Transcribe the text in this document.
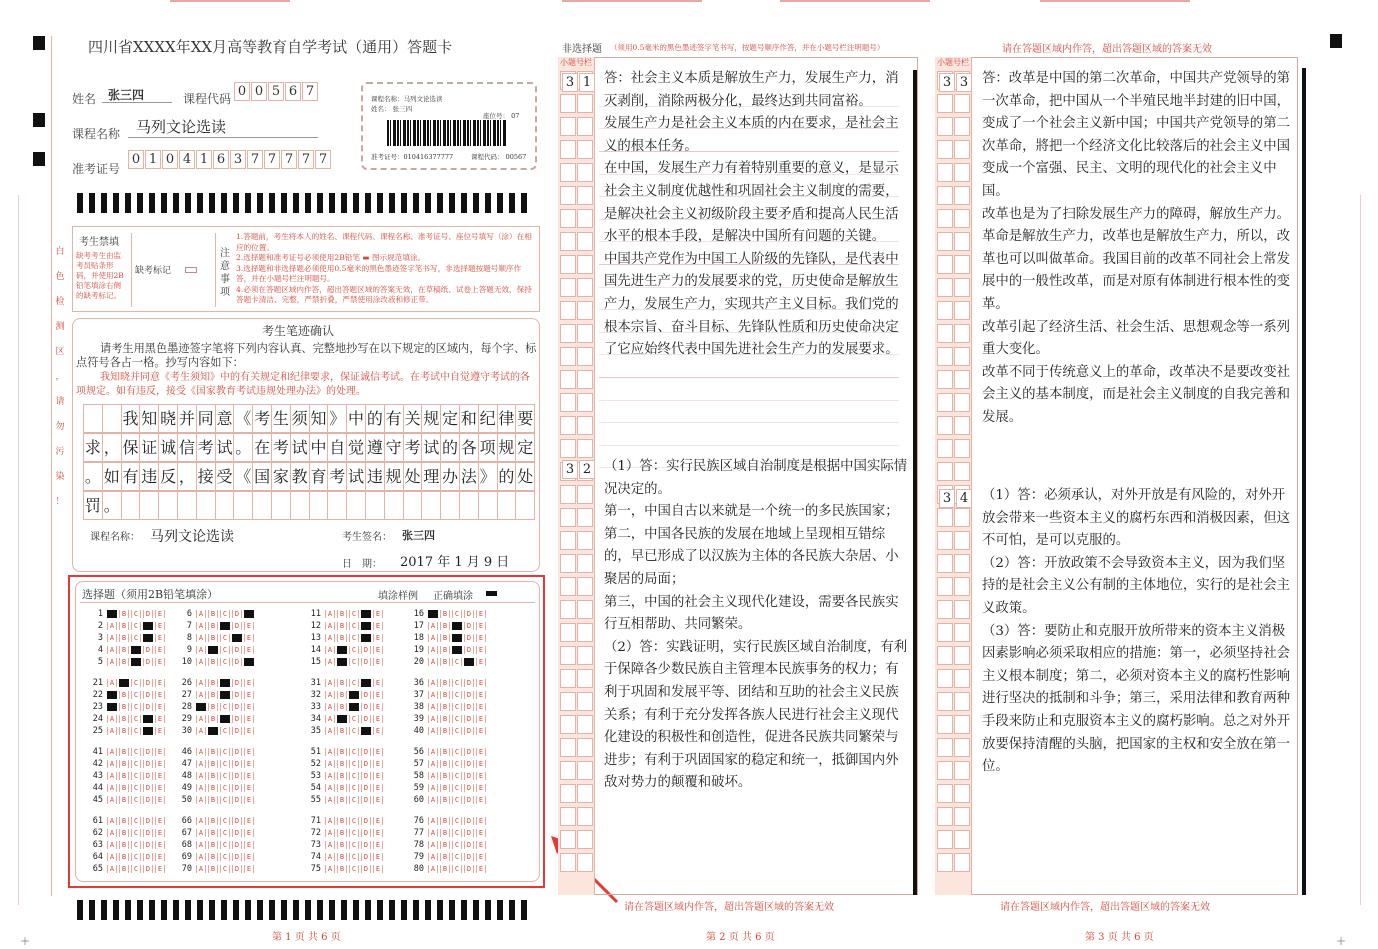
白
色
检
测
区
，
请
勿
污
染
！
四川省XXXX年XX月高等教育自学考试（通用）答题卡
姓名 张三四	课程代码 0 0 5 6 7
课程名称	马列文论选读
准考证号
0 1 0 4 1 6 3 7 7 7 7 7
课程名称：马列文论选读
姓名： 张三四
座位号： 07
准考证号：010416377777	课程代码： 00567
考生禁填
缺考考生由监考员贴条形码，并使用2B铅笔填涂右侧的缺考标记。
缺考标记
注
意
事
项
1.答题前，考生将本人的姓名、课程代码、课程名称、准考证号、座位号填写（涂）在相应的位置。
2.选择题和准考证号必须使用2B铅笔 ▬ 图示规范填涂。
3.选择题和非选择题必须使用0.5毫米的黑色墨迹签字笔书写，非选择题按题号顺序作答，并在小题号栏注明题号。
4.必须在答题区域内作答，超出答题区域的答案无效，在草稿纸、试卷上答题无效，保持答题卡清洁、完整，严禁折叠，严禁使用涂改液和修正带。
考生笔迹确认
请考生用黑色墨迹签字笔将下列内容认真、完整地抄写在以下规定的区域内，每个字、标点符号各占一格。抄写内容如下：
我知晓并同意《考生须知》中的有关规定和纪律要求，保证诚信考试。在考试中自觉遵守考试的各项规定。如有违反，接受《国家教育考试违规处理办法》的处理。
我 知 晓 并 同 意 《 考 生 须 知 》 中 的 有 关 规 定 和 纪 律 要
求 ， 保 证 诚 信 考 试 。 在 考 试 中 自 觉 遵 守 考 试 的 各 项 规 定
。 如 有 违 反 ， 接 受 《 国 家 教 育 考 试 违 规 处 理 办 法 》 的 处
罚 。
课程名称： 马列文论选读	考生签名： 张三四
日　期： 2017 年 1 月 9 日
选择题（须用2B铅笔填涂）	填涂样例 正确填涂
1 A	B	C	D	E
2 A	B	C	D	E
3 A	B	C	D	E
4 A	B	C	D	E
5 A	B	C	D	E
6 A	B	C	D	E
7 A	B	C	D	E
8 A	B	C	D	E
9 A	B	C	D	E
10 A	B	C	D	E
11 A	B	C	D	E
12 A	B	C	D	E
13 A	B	C	D	E
14 A	B	C	D	E
15 A	B	C	D	E
16 A	B	C	D	E
17 A	B	C	D	E
18 A	B	C	D	E
19 A	B	C	D	E
20 A	B	C	D	E
21 A	B	C	D	E
22 A	B	C	D	E
23 A	B	C	D	E
24 A	B	C	D	E
25 A	B	C	D	E
26 A	B	C	D	E
27 A	B	C	D	E
28 A	B	C	D	E
29 A	B	C	D	E
30 A	B	C	D	E
31 A	B	C	D	E
32 A	B	C	D	E
33 A	B	C	D	E
34 A	B	C	D	E
35 A	B	C	D	E
36 A	B	C	D	E
37 A	B	C	D	E
38 A	B	C	D	E
39 A	B	C	D	E
40 A	B	C	D	E
41 A	B	C	D	E
42 A	B	C	D	E
43 A	B	C	D	E
44 A	B	C	D	E
45 A	B	C	D	E
46 A	B	C	D	E
47 A	B	C	D	E
48 A	B	C	D	E
49 A	B	C	D	E
50 A	B	C	D	E
51 A	B	C	D	E
52 A	B	C	D	E
53 A	B	C	D	E
54 A	B	C	D	E
55 A	B	C	D	E
56 A	B	C	D	E
57 A	B	C	D	E
58 A	B	C	D	E
59 A	B	C	D	E
60 A	B	C	D	E
61 A	B	C	D	E
62 A	B	C	D	E
63 A	B	C	D	E
64 A	B	C	D	E
65 A	B	C	D	E
66 A	B	C	D	E
67 A	B	C	D	E
68 A	B	C	D	E
69 A	B	C	D	E
70 A	B	C	D	E
71 A	B	C	D	E
72 A	B	C	D	E
73 A	B	C	D	E
74 A	B	C	D	E
75 A	B	C	D	E
76 A	B	C	D	E
77 A	B	C	D	E
78 A	B	C	D	E
79 A	B	C	D	E
80 A	B	C	D	E
第 1 页 共 6 页
非选择题 （须用0.5毫米的黑色墨迹签字笔书写，按题号顺序作答，并在小题号栏注明题号）
小题号栏
3 1 答：社会主义本质是解放生产力，发展生产力，消灭剥削，消除两极分化，最终达到共同富裕。
发展生产力是社会主义本质的内在要求，是社会主义的根本任务。
在中国，发展生产力有着特别重要的意义，是显示社会主义制度优越性和巩固社会主义制度的需要，是解决社会主义初级阶段主要矛盾和提高人民生活水平的根本手段，是解决中国所有问题的关键。
中国共产党作为中国工人阶级的先锋队，是代表中国先进生产力的发展要求的党，历史使命是解放生产力，发展生产力，实现共产主义目标。我们党的根本宗旨、奋斗目标、先锋队性质和历史使命决定了它应始终代表中国先进社会生产力的发展要求。
3 2 （1）答：实行民族区域自治制度是根据中国实际情况决定的。
第一，中国自古以来就是一个统一的多民族国家；
第二，中国各民族的发展在地域上呈现相互错综的，早已形成了以汉族为主体的各民族大杂居、小聚居的局面；
第三，中国的社会主义现代化建设，需要各民族实行互相帮助、共同繁荣。
（2）答：实践证明，实行民族区域自治制度，有利于保障各少数民族自主管理本民族事务的权力；有利于巩固和发展平等、团结和互助的社会主义民族关系；有利于充分发挥各族人民进行社会主义现代化建设的积极性和创造性，促进各民族共同繁荣与进步；有利于巩固国家的稳定和统一，抵御国内外敌对势力的颠覆和破坏。
请在答题区域内作答，超出答题区域的答案无效
第 2 页 共 6 页
请在答题区域内作答，超出答题区域的答案无效
小题号栏
3 3 答：改革是中国的第二次革命，中国共产党领导的第一次革命，把中国从一个半殖民地半封建的旧中国，变成了一个社会主义新中国；中国共产党领导的第二次革命，將把一个经济文化比较落后的社会主义中国变成一个富强、民主、文明的现代化的社会主义中国。
改革也是为了扫除发展生产力的障碍，解放生产力。革命是解放生产力，改革也是解放生产力，所以，改革也可以叫做革命。我国目前的改革不同社会上常发展中的一般性改革，而是对原有体制进行根本性的变革。
改革引起了经济生活、社会生活、思想观念等一系列重大变化。
改革不同于传统意义上的革命，改革决不是要改变社会主义的基本制度，而是社会主义制度的自我完善和发展。
3 4 （1）答：必须承认，对外开放是有风险的，对外开放会带来一些资本主义的腐朽东西和消极因素，但这不可怕，是可以克服的。
（2）答：开放政策不会导致资本主义，因为我们坚持的是社会主义公有制的主体地位，实行的是社会主义政策。
（3）答：要防止和克服开放所带来的资本主义消极因素影响必须采取相应的措施：第一，必须坚持社会主义根本制度；第二，必须对资本主义的腐朽性影响进行坚决的抵制和斗争；第三，采用法律和教育两种手段来防止和克服资本主义的腐朽影响。总之对外开放要保持清醒的头脑，把国家的主权和安全放在第一位。
请在答题区域内作答，超出答题区域的答案无效
第 3 页 共 6 页
+	+
